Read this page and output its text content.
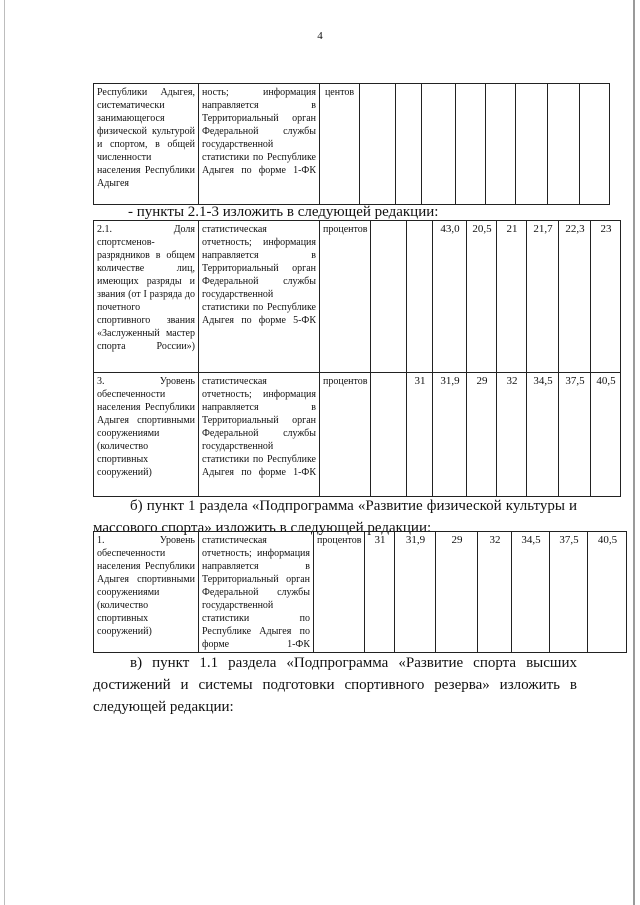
4
Республики Адыгея, систематически занимающегося физической культурой и спортом, в общей численности населения Республики Адыгея	ность; информация направляется в Территориальный орган Федеральной службы государственной статистики по Республике Адыгея по форме 1-ФК	центов								
- пункты 2.1-3 изложить в следующей редакции:
2.1. Доля спортсменов-разрядников в общем количестве лиц, имеющих разряды и звания (от I разряда до почетного спортивного звания «Заслуженный мастер спорта России»)	статистическая отчетность; информация направляется в Территориальный орган Федеральной службы государственной статистики по Республике Адыгея по форме 5-ФК	процентов			43,0	20,5	21	21,7	22,3	23
3. Уровень обеспеченности населения Республики Адыгея спортивными сооружениями (количество спортивных сооружений)	статистическая отчетность; информация направляется в Территориальный орган Федеральной службы государственной статистики по Республике Адыгея по форме 1-ФК	процентов		31	31,9	29	32	34,5	37,5	40,5
б) пункт 1 раздела «Подпрограмма «Развитие физической культуры и массового спорта» изложить в следующей редакции:
1. Уровень обеспеченности населения Республики Адыгея спортивными сооружениями (количество спортивных сооружений)	статистическая отчетность; информация направляется в Территориальный орган Федеральной службы государственной статистики по Республике Адыгея по форме 1-ФК	процентов	31	31,9	29	32	34,5	37,5	40,5
в) пункт 1.1 раздела «Подпрограмма «Развитие спорта высших достижений и системы подготовки спортивного резерва» изложить в следующей редакции:
